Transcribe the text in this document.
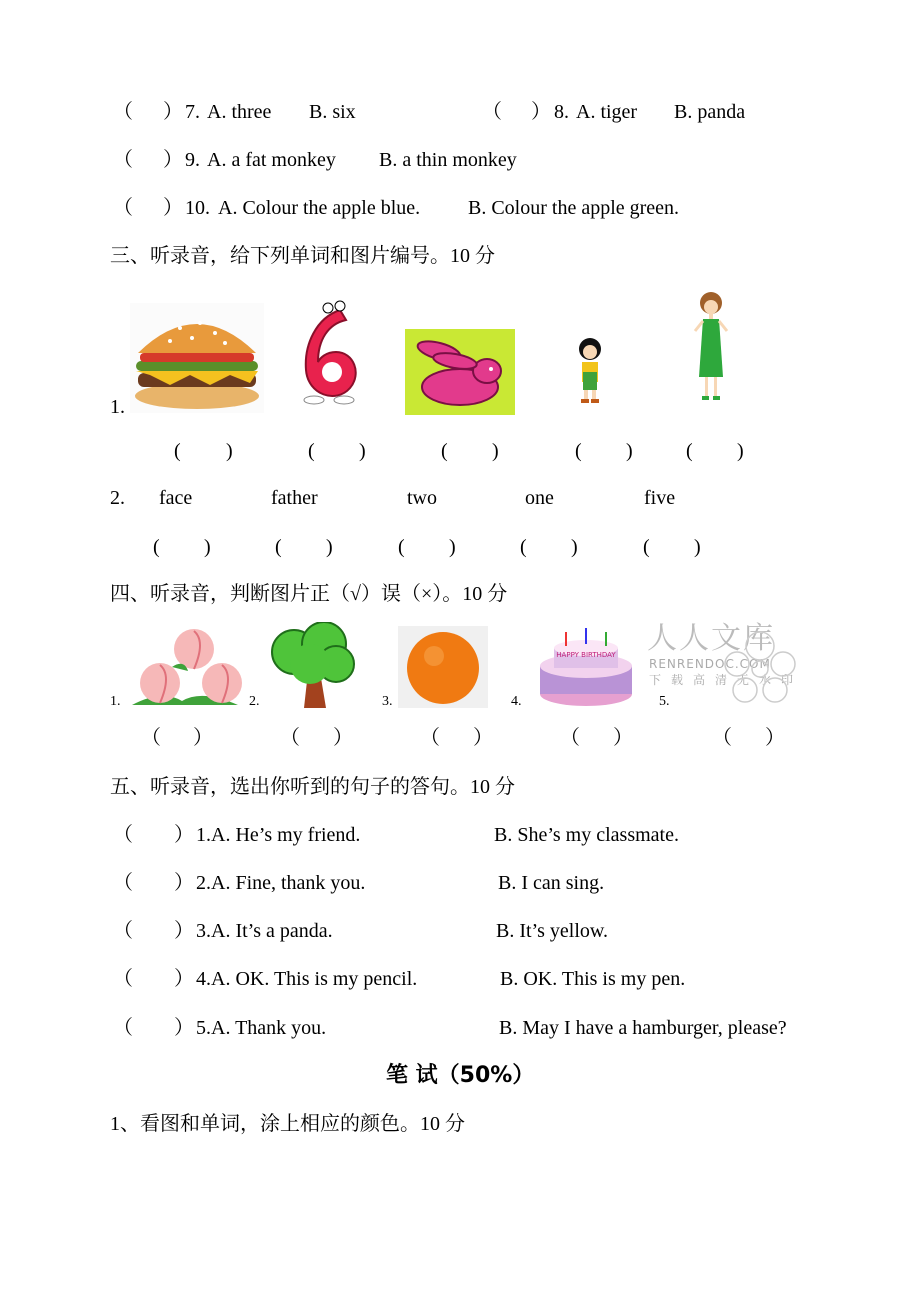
（ ） 7. A. three B. six	（ ） 8. A. tiger B. panda
（ ） 9. A. a fat monkey B. a thin monkey
（ ） 10. A. Colour the apple blue. B. Colour the apple green.
三、听录音，给下列单词和图片编号。10 分
1.
( )	( )	( )	( )	( )
2. face	father	two	one	five
( )	( )	( )	( )	( )
四、听录音，判断图片正（√）误（×）。10 分
1.	2.	3.	4.
HAPPY BIRTHDAY
5.
人人文库
RENRENDOC.COM
下载高清无水印
（ ）	（ ）	（ ）	（ ）	（ ）
五、听录音，选出你听到的句子的答句。10 分
（ ） 1.A. He’s my friend.	B. She’s my classmate.
（ ） 2.A. Fine, thank you.	B. I can sing.
（ ） 3.A. It’s a panda.	B. It’s yellow.
（ ） 4.A. OK. This is my pencil.	B. OK. This is my pen.
（ ） 5.A. Thank you.	B. May I have a hamburger, please?
笔 试（50%）
1、看图和单词，涂上相应的颜色。10 分
